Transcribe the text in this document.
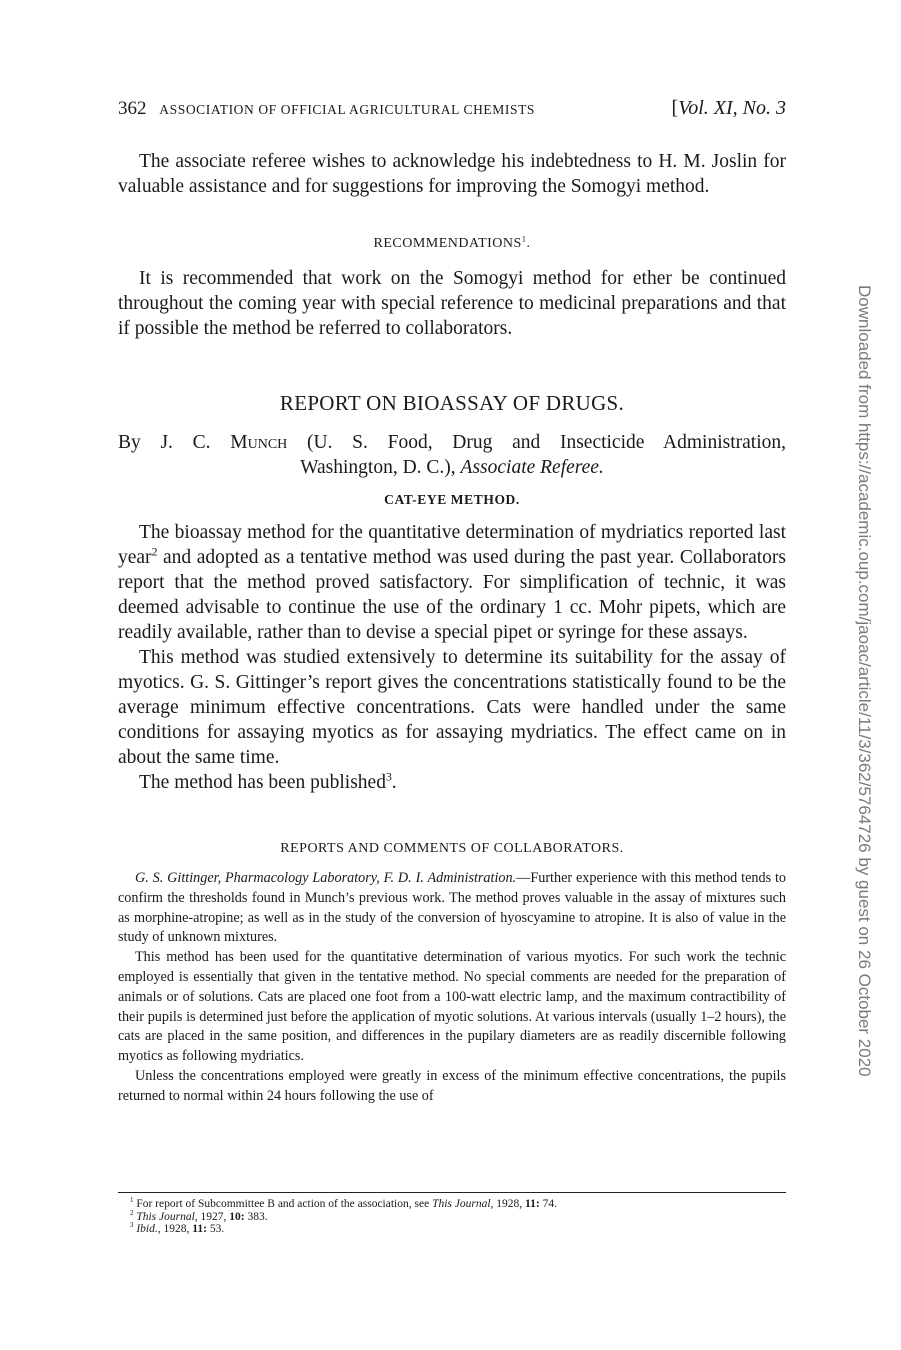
362 ASSOCIATION OF OFFICIAL AGRICULTURAL CHEMISTS	[Vol. XI, No. 3

The associate referee wishes to acknowledge his indebtedness to H. M. Joslin for valuable assistance and for suggestions for improving the Somogyi method.

RECOMMENDATIONS$^1$.

It is recommended that work on the Somogyi method for ether be continued throughout the coming year with special reference to medicinal preparations and that if possible the method be referred to collaborators.

REPORT ON BIOASSAY OF DRUGS.
By J. C. Munch (U. S. Food, Drug and Insecticide Administration,
Washington, D. C.), Associate Referee.
CAT-EYE METHOD.

The bioassay method for the quantitative determination of mydriatics reported last year$^2$ and adopted as a tentative method was used during the past year. Collaborators report that the method proved satisfactory. For simplification of technic, it was deemed advisable to continue the use of the ordinary 1 cc. Mohr pipets, which are readily available, rather than to devise a special pipet or syringe for these assays.

This method was studied extensively to determine its suitability for the assay of myotics. G. S. Gittinger’s report gives the concentrations statistically found to be the average minimum effective concentrations. Cats were handled under the same conditions for assaying myotics as for assaying mydriatics. The effect came on in about the same time.

The method has been published$^3$.

REPORTS AND COMMENTS OF COLLABORATORS.

G. S. Gittinger, Pharmacology Laboratory, F. D. I. Administration.—Further experience with this method tends to confirm the thresholds found in Munch’s previous work. The method proves valuable in the assay of mixtures such as morphine-atropine; as well as in the study of the conversion of hyoscyamine to atropine. It is also of value in the study of unknown mixtures.

This method has been used for the quantitative determination of various myotics. For such work the technic employed is essentially that given in the tentative method. No special comments are needed for the preparation of animals or of solutions. Cats are placed one foot from a 100-watt electric lamp, and the maximum contractibility of their pupils is determined just before the application of myotic solutions. At various intervals (usually 1–2 hours), the cats are placed in the same position, and differences in the pupilary diameters are as readily discernible following myotics as following mydriatics.

Unless the concentrations employed were greatly in excess of the minimum effective concentrations, the pupils returned to normal within 24 hours following the use of

$^1$ For report of Subcommittee B and action of the association, see This Journal, 1928, 11: 74.
$^2$ This Journal, 1927, 10: 383.
$^3$ Ibid., 1928, 11: 53.
Downloaded from https://academic.oup.com/jaoac/article/11/3/362/5764726 by guest on 26 October 2020
